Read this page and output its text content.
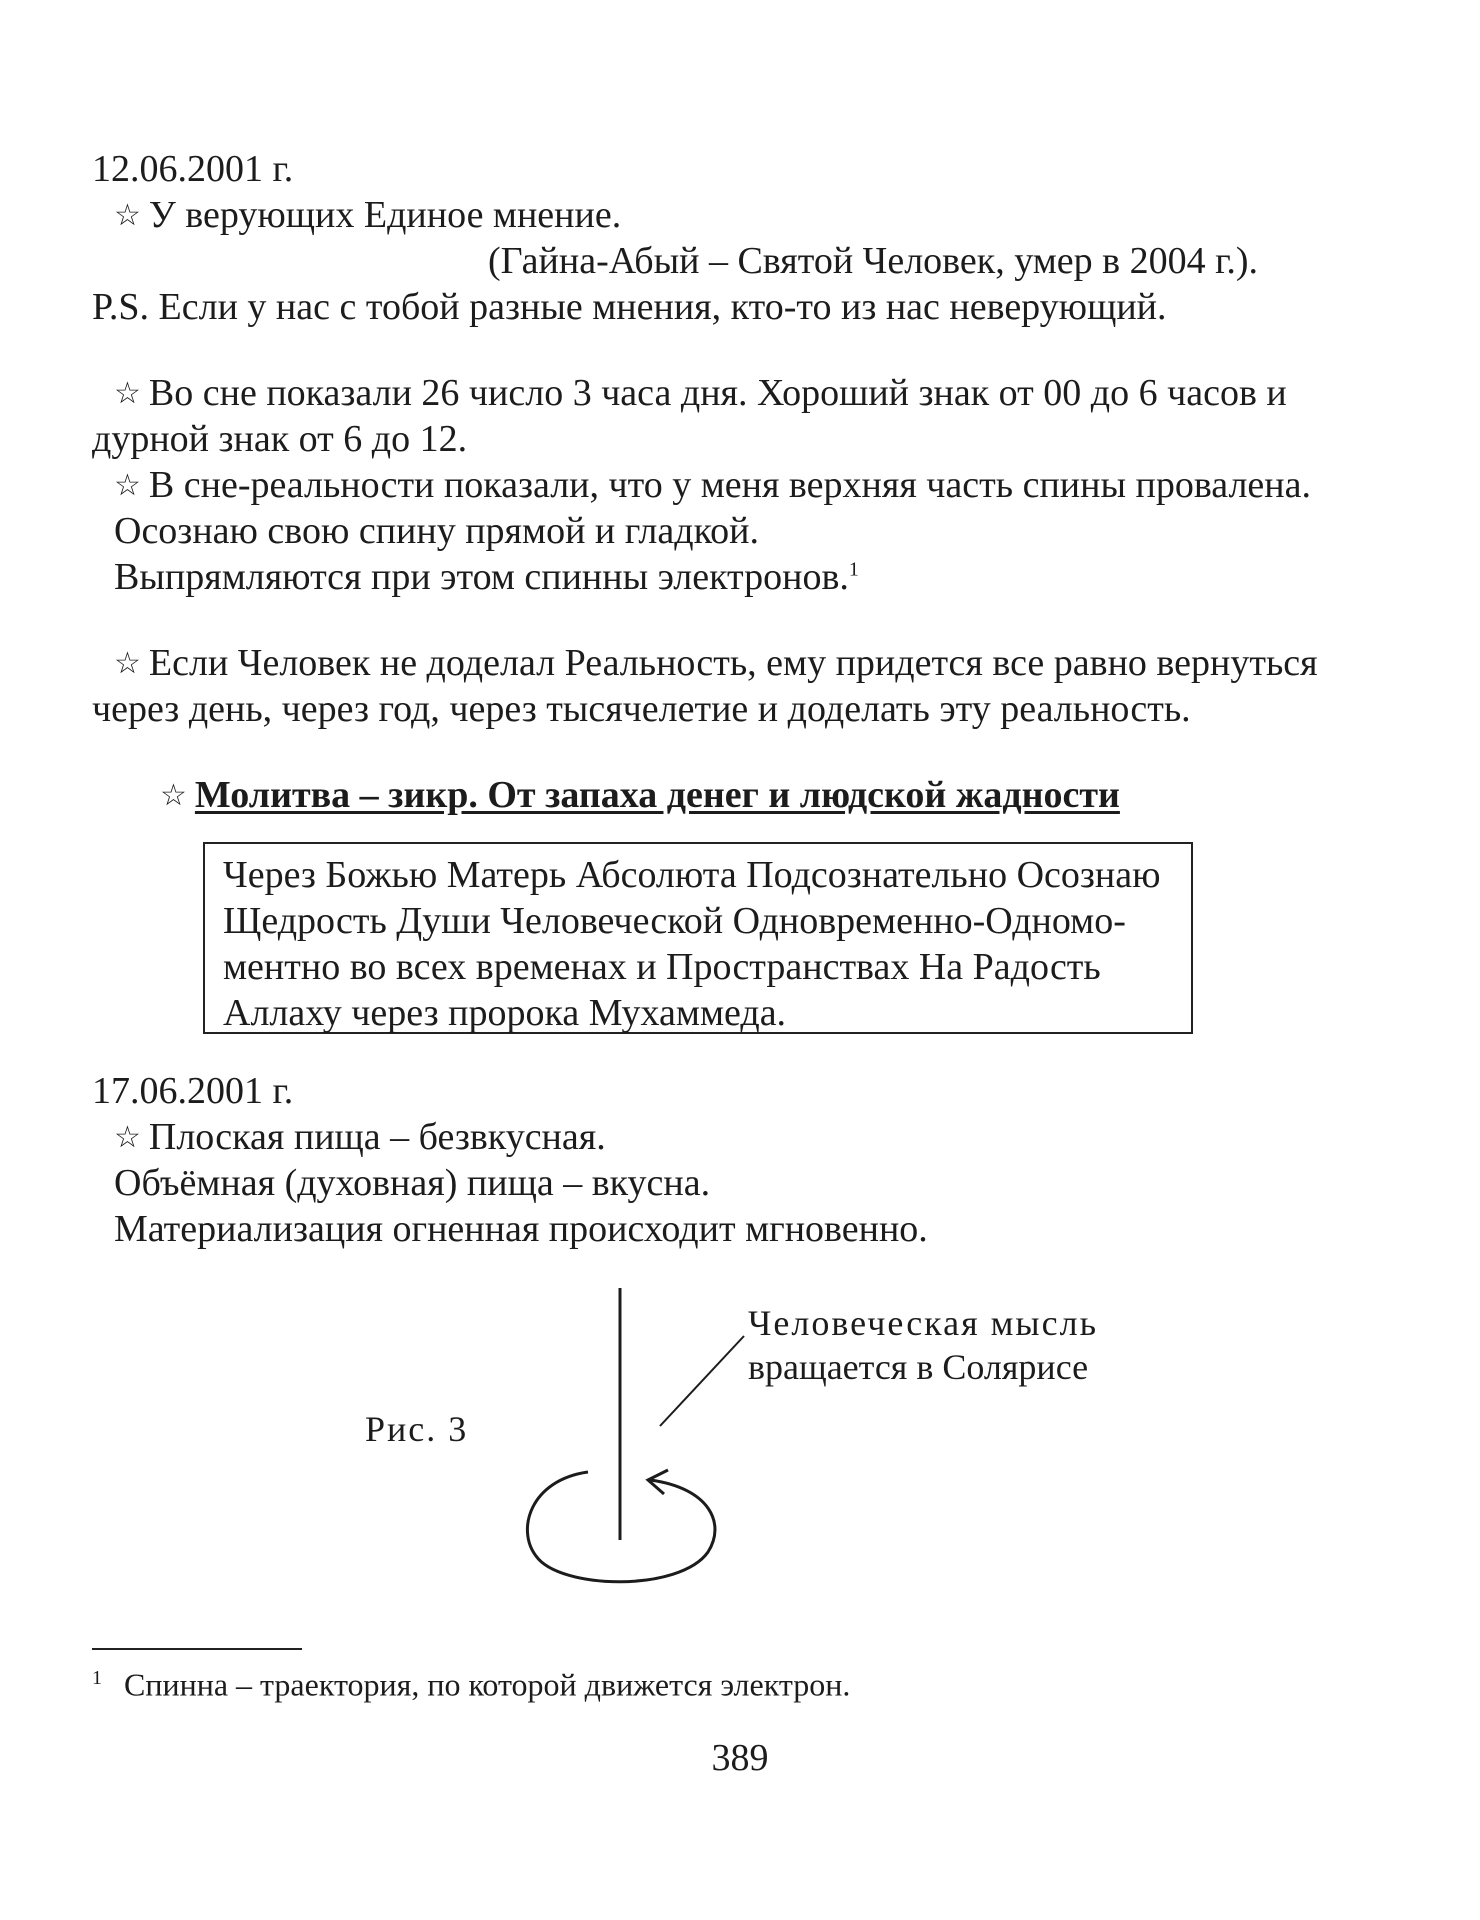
12.06.2001 г.
☆ У верующих Единое мнение.
(Гайна-Абый – Святой Человек, умер в 2004 г.).
P.S. Если у нас с тобой разные мнения, кто-то из нас неверующий.
☆ Во сне показали 26 число 3 часа дня. Хороший знак от 00 до 6 часов и
дурной знак от 6 до 12.
☆ В сне-реальности показали, что у меня верхняя часть спины провалена.
Осознаю свою спину прямой и гладкой.
Выпрямляются при этом спинны электронов.$^1$
☆ Если Человек не доделал Реальность, ему придется все равно вернуться
через день, через год, через тысячелетие и доделать эту реальность.
☆ Молитва – зикр. От запаха денег и людской жадности
Через Божью Матерь Абсолюта Подсознательно Осознаю
Щедрость Души Человеческой Одновременно-Одномо-
ментно во всех временах и Пространствах На Радость
Аллаху через пророка Мухаммеда.
17.06.2001 г.
☆ Плоская пища – безвкусная.
Объёмная (духовная) пища – вкусна.
Материализация огненная происходит мгновенно.
Рис. 3
Человеческая мысль
вращается в Солярисе
$^1$ Спинна – траектория, по которой движется электрон.
389
